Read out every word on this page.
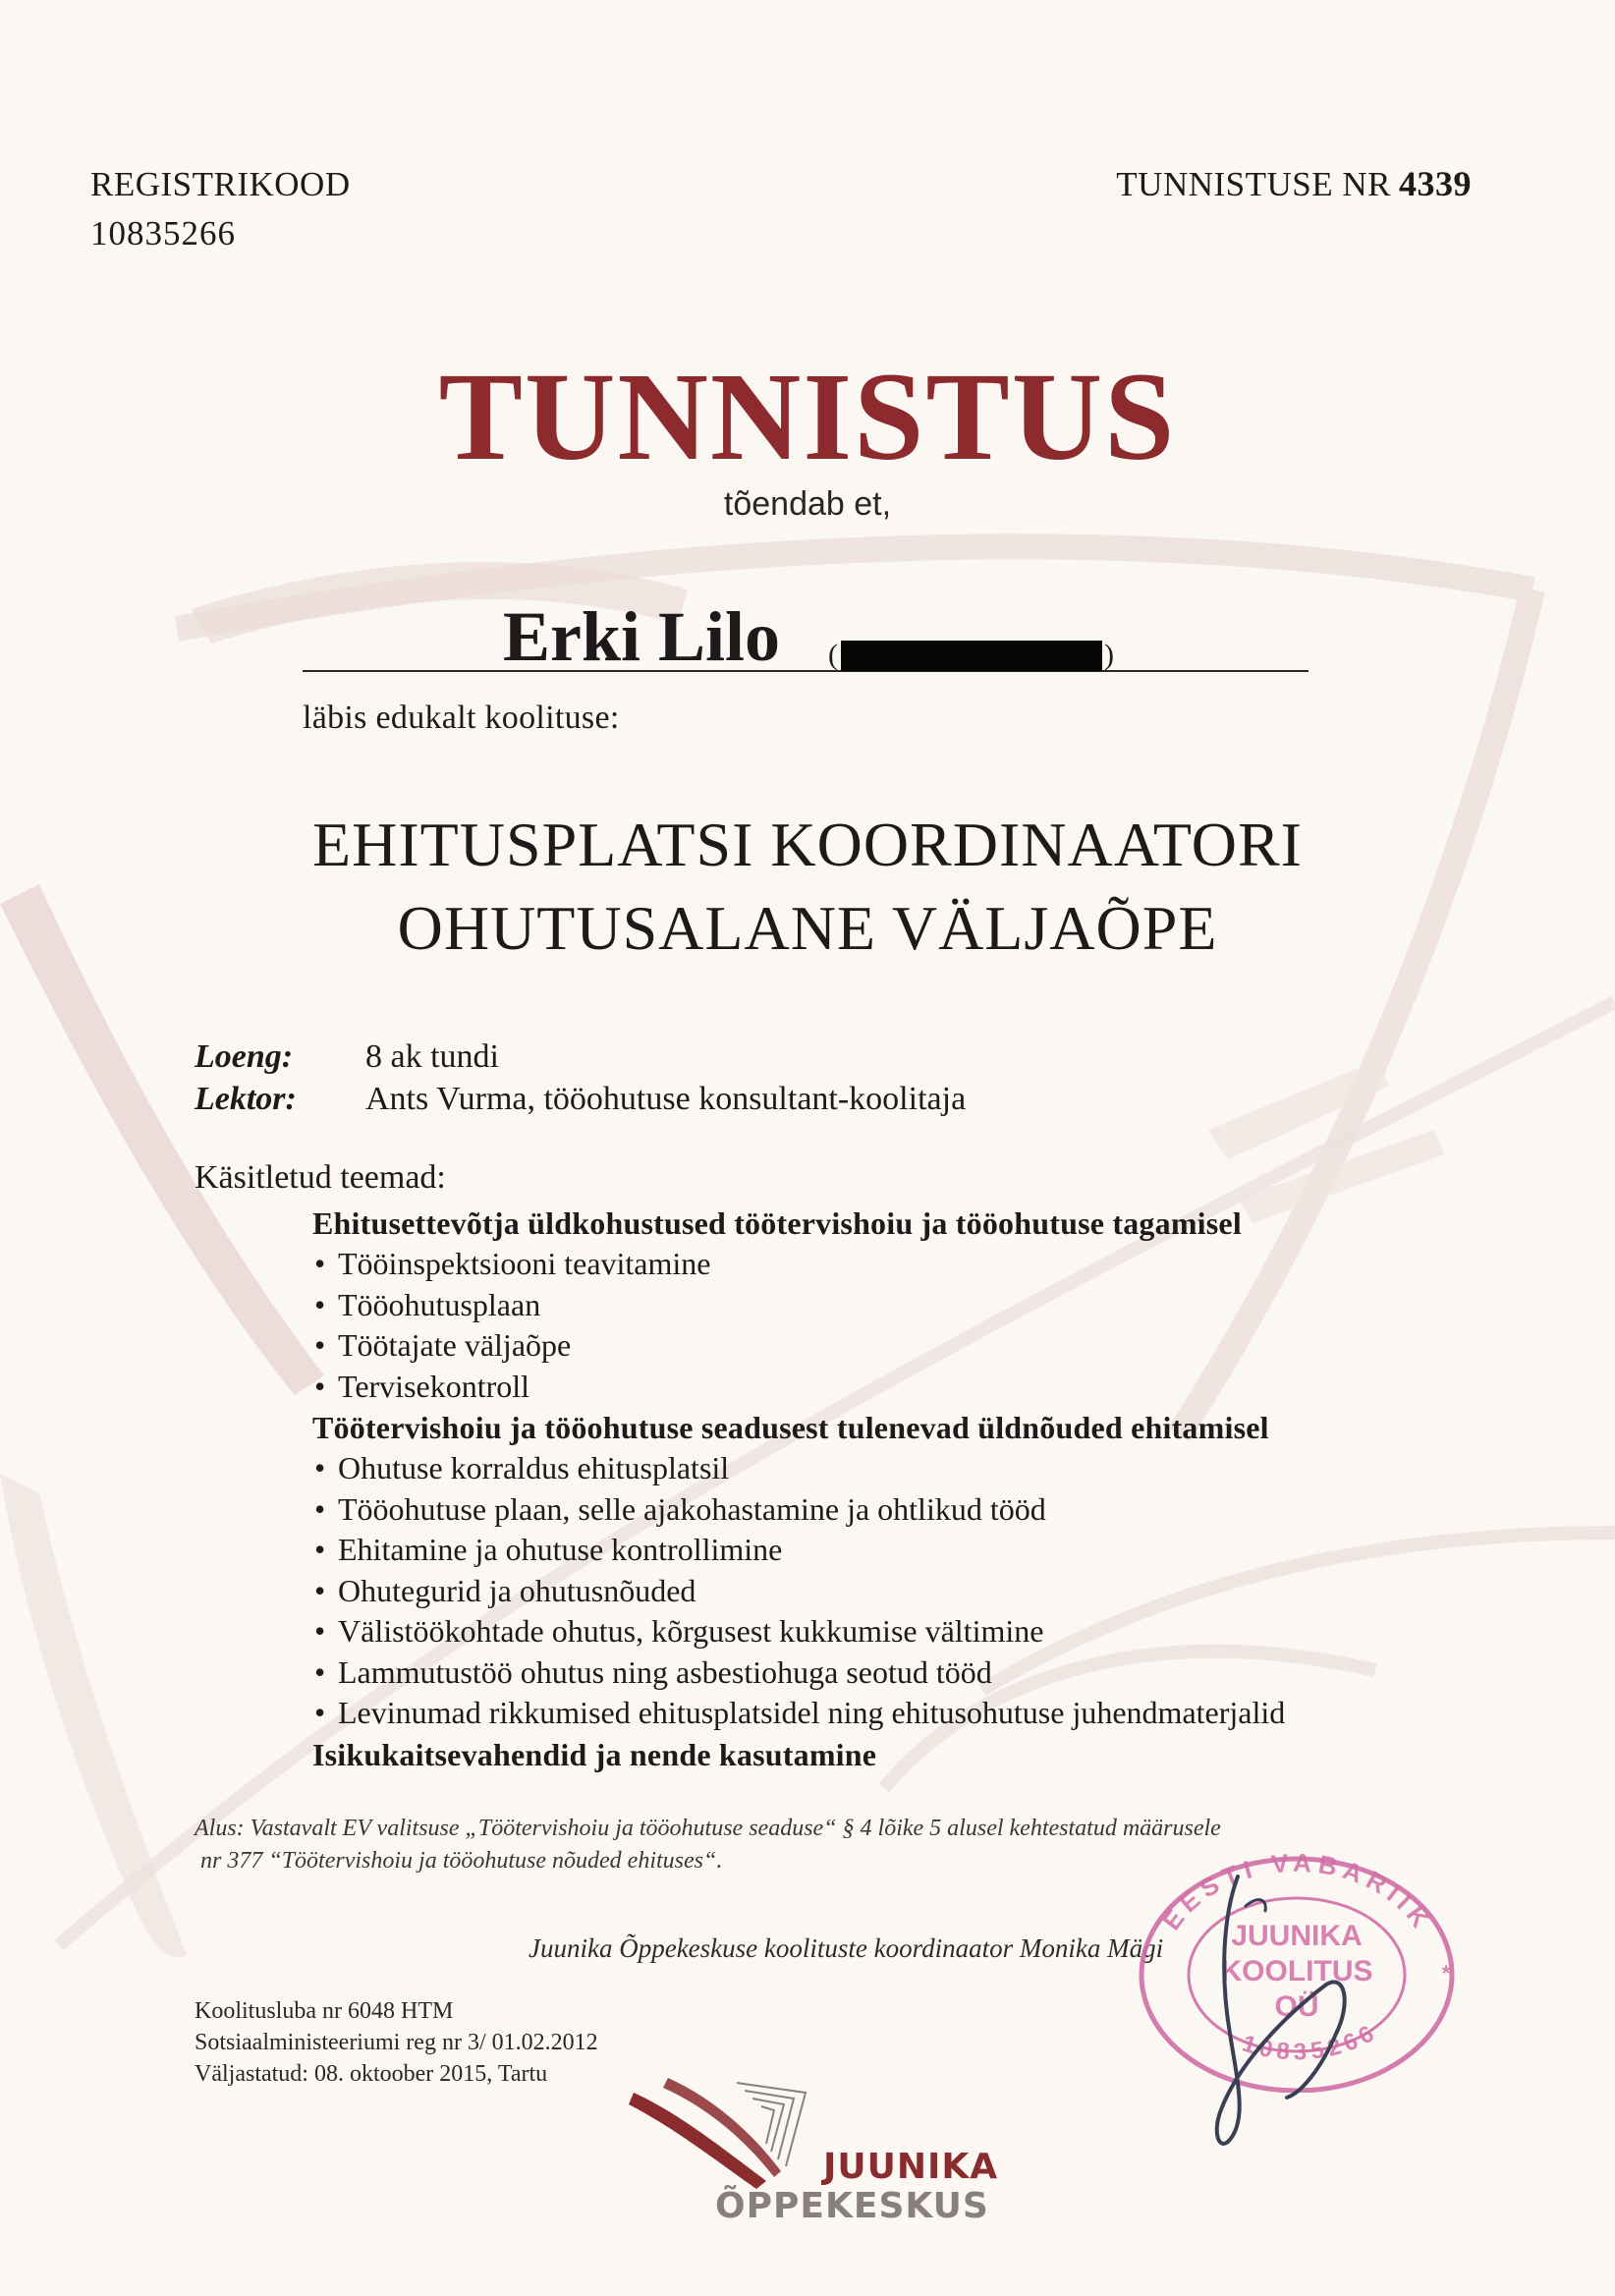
REGISTRIKOOD
10835266
TUNNISTUSE NR 4339
TUNNISTUS
tõendab et,
Erki Lilo (	)
läbis edukalt koolituse:
EHITUSPLATSI KOORDINAATORI
OHUTUSALANE VÄLJAÕPE
Loeng: 8 ak tundi
Lektor: Ants Vurma, tööohutuse konsultant-koolitaja
Käsitletud teemad:
Ehitusettevõtja üldkohustused töötervishoiu ja tööohutuse tagamisel
• Tööinspektsiooni teavitamine
• Tööohutusplaan
• Töötajate väljaõpe
• Tervisekontroll
Töötervishoiu ja tööohutuse seadusest tulenevad üldnõuded ehitamisel
• Ohutuse korraldus ehitusplatsil
• Tööohutuse plaan, selle ajakohastamine ja ohtlikud tööd
• Ehitamine ja ohutuse kontrollimine
• Ohutegurid ja ohutusnõuded
• Välistöökohtade ohutus, kõrgusest kukkumise vältimine
• Lammutustöö ohutus ning asbestiohuga seotud tööd
• Levinumad rikkumised ehitusplatsidel ning ehitusohutuse juhendmaterjalid
Isikukaitsevahendid ja nende kasutamine
Alus: Vastavalt EV valitsuse „Töötervishoiu ja tööohutuse seaduse“ § 4 lõike 5 alusel kehtestatud määrusele
nr 377 “Töötervishoiu ja tööohutuse nõuded ehituses“.
Juunika Õppekeskuse koolituste koordinaator Monika Mägi
Koolitusluba nr 6048 HTM
Sotsiaalministeeriumi reg nr 3/ 01.02.2012
Väljastatud: 08. oktoober 2015, Tartu
JUUNIKA
ÕPPEKESKUS
EESTI VABARIIK
10835266
JUUNIKA
KOOLITUS
OÜ
*
